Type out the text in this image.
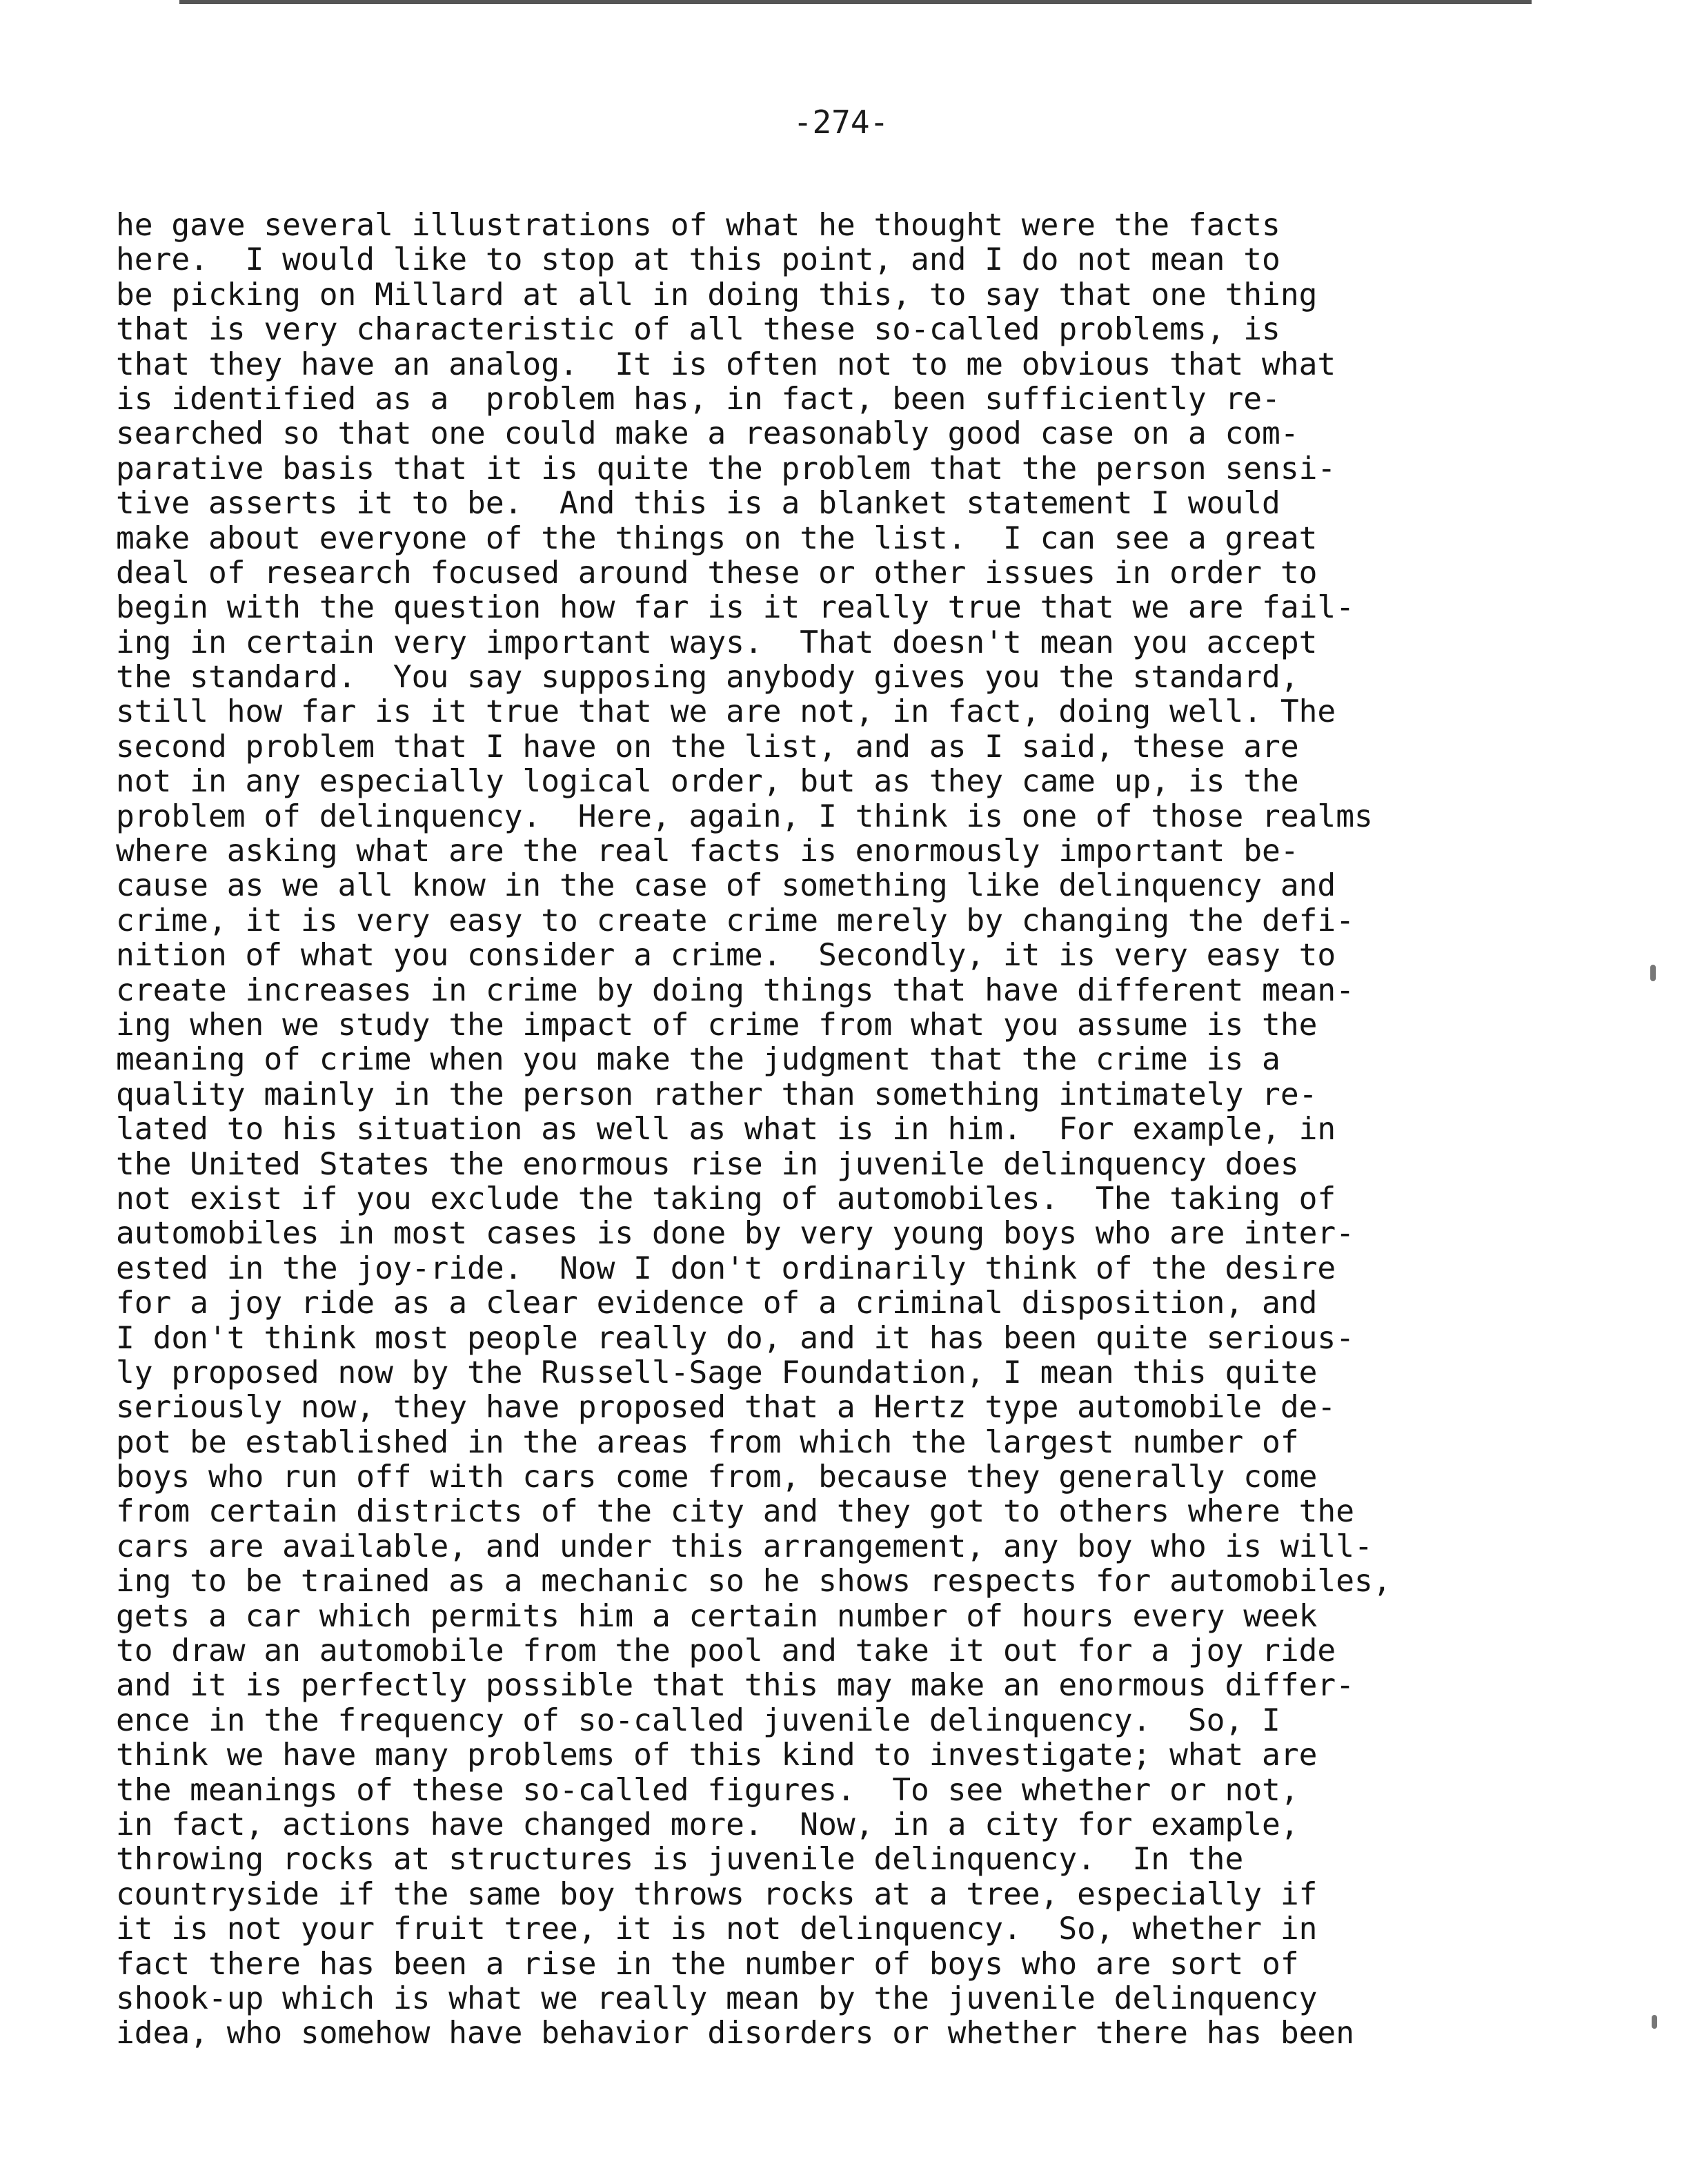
-274-
he gave several illustrations of what he thought were the facts
here.  I would like to stop at this point, and I do not mean to
be picking on Millard at all in doing this, to say that one thing
that is very characteristic of all these so-called problems, is
that they have an analog.  It is often not to me obvious that what
is identified as a  problem has, in fact, been sufficiently re-
searched so that one could make a reasonably good case on a com-
parative basis that it is quite the problem that the person sensi-
tive asserts it to be.  And this is a blanket statement I would
make about everyone of the things on the list.  I can see a great
deal of research focused around these or other issues in order to
begin with the question how far is it really true that we are fail-
ing in certain very important ways.  That doesn't mean you accept
the standard.  You say supposing anybody gives you the standard,
still how far is it true that we are not, in fact, doing well. The
second problem that I have on the list, and as I said, these are
not in any especially logical order, but as they came up, is the
problem of delinquency.  Here, again, I think is one of those realms
where asking what are the real facts is enormously important be-
cause as we all know in the case of something like delinquency and
crime, it is very easy to create crime merely by changing the defi-
nition of what you consider a crime.  Secondly, it is very easy to
create increases in crime by doing things that have different mean-
ing when we study the impact of crime from what you assume is the
meaning of crime when you make the judgment that the crime is a
quality mainly in the person rather than something intimately re-
lated to his situation as well as what is in him.  For example, in
the United States the enormous rise in juvenile delinquency does
not exist if you exclude the taking of automobiles.  The taking of
automobiles in most cases is done by very young boys who are inter-
ested in the joy-ride.  Now I don't ordinarily think of the desire
for a joy ride as a clear evidence of a criminal disposition, and
I don't think most people really do, and it has been quite serious-
ly proposed now by the Russell-Sage Foundation, I mean this quite
seriously now, they have proposed that a Hertz type automobile de-
pot be established in the areas from which the largest number of
boys who run off with cars come from, because they generally come
from certain districts of the city and they got to others where the
cars are available, and under this arrangement, any boy who is will-
ing to be trained as a mechanic so he shows respects for automobiles,
gets a car which permits him a certain number of hours every week
to draw an automobile from the pool and take it out for a joy ride
and it is perfectly possible that this may make an enormous differ-
ence in the frequency of so-called juvenile delinquency.  So, I
think we have many problems of this kind to investigate; what are
the meanings of these so-called figures.  To see whether or not,
in fact, actions have changed more.  Now, in a city for example,
throwing rocks at structures is juvenile delinquency.  In the
countryside if the same boy throws rocks at a tree, especially if
it is not your fruit tree, it is not delinquency.  So, whether in
fact there has been a rise in the number of boys who are sort of
shook-up which is what we really mean by the juvenile delinquency
idea, who somehow have behavior disorders or whether there has been
